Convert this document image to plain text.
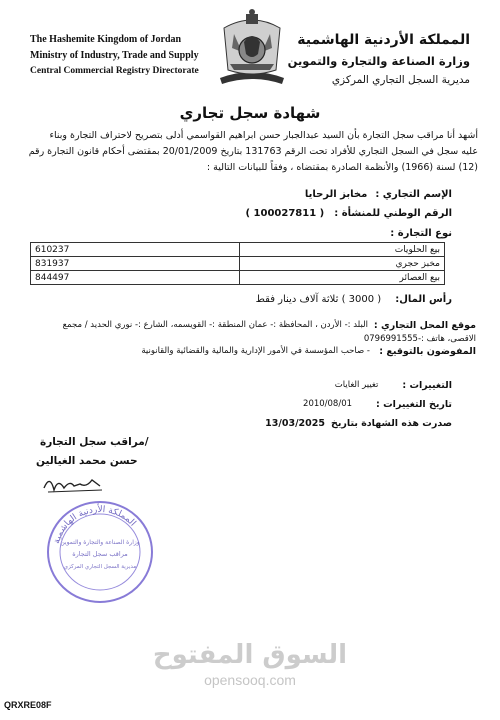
The Hashemite Kingdom of Jordan
Ministry of Industry, Trade and Supply
Central Commercial Registry Directorate
المملكة الأردنية الهاشمية
وزارة الصناعة والتجارة والتموين
مديرية السجل التجاري المركزي
شهادة سجل تجاري
أشهد أنا مراقب سجل التجارة بأن السيد عبدالجبار حسن ابراهيم القواسمي أدلى بتصريح لاحتراف التجارة وبناء
عليه سجل في السجل التجاري للأفراد تحت الرقم 131763 بتاريخ 20/01/2009 بمقتضى أحكام قانون التجارة رقم
(12) لسنة (1966) والأنظمة الصادرة بمقتضاه ، وفقاً للبيانات التالية :
الإسم التجاري :
مخابز الرحايا
الرقم الوطني للمنشأة :
( 100027811 )
نوع التجارة :
610237	بيع الحلويات
831937	مخبز حجري
844497	بيع العصائر
رأس المال:
( 3000 ) ثلاثة آلاف دينار فقط
موقع المحل التجاري :
البلد :- الأردن ، المحافظة :- عمان المنطقة :- القويسمه، الشارع :- نوري الحديد / مجمع
الاقصى، هاتف :-0796991555
المفوضون بالتوقيع :
- صاحب المؤسسة في الأمور الإدارية والمالية والقضائية والقانونية
التغييرات :
تغيير الغايات
تاريخ التغييرات :
2010/08/01
صدرت هذه الشهادة بتاريخ
13/03/2025
/مراقب سجل التجارة
حسن محمد الغيالين
المملكة الأردنية الهاشمية
وزارة الصناعة والتجارة والتموين
مراقب سجل التجارة
مديرية السجل التجاري المركزي
السوق المفتوح
opensooq.com
QRXRE08F
